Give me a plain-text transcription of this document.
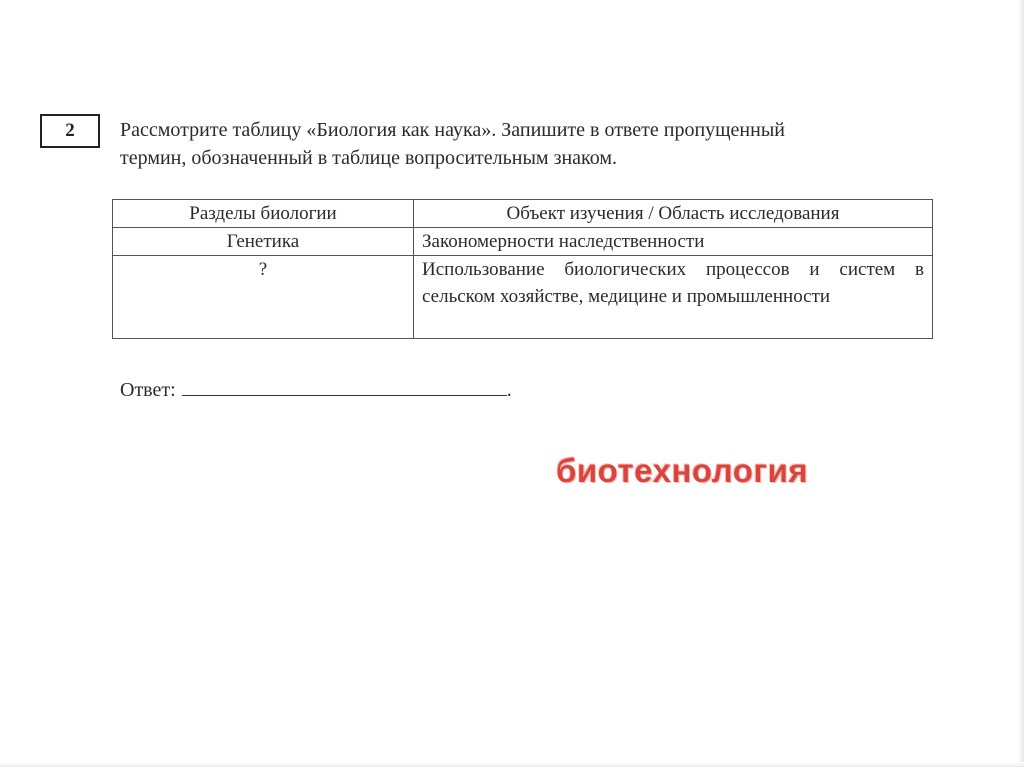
2	Рассмотрите таблицу «Биология как наука». Запишите в ответе пропущенный
термин, обозначенный в таблице вопросительным знаком.
Разделы биологии	Объект изучения / Область исследования
Генетика	Закономерности наследственности
?	Использование биологических процессов и систем в сельском хозяйстве, медицине и промышленности
Ответ:	.
биотехнология
